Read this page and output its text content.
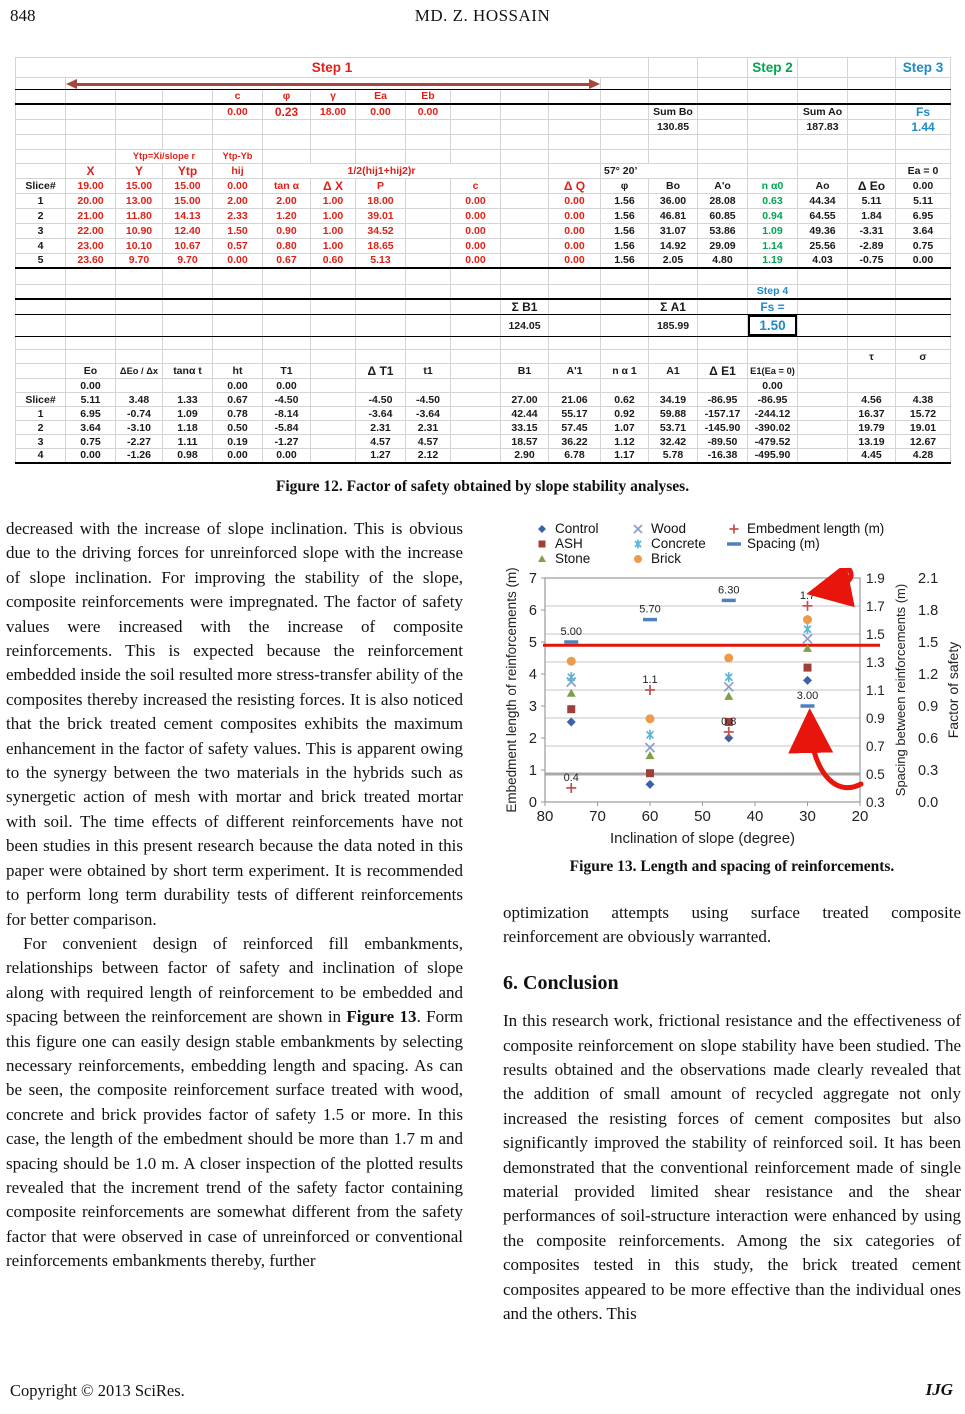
848	MD. Z. HOSSAIN
Step 1															Step 2			Step 3

				c	φ	γ	Ea	Eb										
				0.00	0.23	18.00	0.00	0.00					Sum Bo			Sum Ao		Fs
													130.85			187.83		1.44

		Ytp=Xi/slope r		Ytp-Yb														
	X	Y	Ytp	hij	1/2(hij1+hij2)r							57° 20’						Ea = 0
Slice#	19.00	15.00	15.00	0.00	tan α	Δ X	P		c		Δ Q	φ	Bo	A'o	n α0	Ao	Δ Eo	0.00
1	20.00	13.00	15.00	2.00	2.00	1.00	18.00		0.00		0.00	1.56	36.00	28.08	0.63	44.34	5.11	5.11
2	21.00	11.80	14.13	2.33	1.20	1.00	39.01		0.00		0.00	1.56	46.81	60.85	0.94	64.55	1.84	6.95
3	22.00	10.90	12.40	1.50	0.90	1.00	34.52		0.00		0.00	1.56	31.07	53.86	1.09	49.36	-3.31	3.64
4	23.00	10.10	10.67	0.57	0.80	1.00	18.65		0.00		0.00	1.56	14.92	29.09	1.14	25.56	-2.89	0.75
5	23.60	9.70	9.70	0.00	0.67	0.60	5.13		0.00		0.00	1.56	2.05	4.80	1.19	4.03	-0.75	0.00

															Step 4			
										Σ B1			Σ A1		Fs =			
										124.05			185.99		1.50			

																	τ	σ
	Eo	ΔEo / Δx	tanα t	ht	T1		Δ T1	t1		B1	A'1	n α 1	A1	Δ E1	E1(Ea = 0)			
	0.00			0.00	0.00										0.00			
Slice#	5.11	3.48	1.33	0.67	-4.50		-4.50	-4.50		27.00	21.06	0.62	34.19	-86.95	-86.95		4.56	4.38
1	6.95	-0.74	1.09	0.78	-8.14		-3.64	-3.64		42.44	55.17	0.92	59.88	-157.17	-244.12		16.37	15.72
2	3.64	-3.10	1.18	0.50	-5.84		2.31	2.31		33.15	57.45	1.07	53.71	-145.90	-390.02		19.79	19.01
3	0.75	-2.27	1.11	0.19	-1.27		4.57	4.57		18.57	36.22	1.12	32.42	-89.50	-479.52		13.19	12.67
4	0.00	-1.26	0.98	0.00	0.00		1.27	2.12		2.90	6.78	1.17	5.78	-16.38	-495.90		4.45	4.28
Figure 12. Factor of safety obtained by slope stability analyses.

decreased with the increase of slope inclination. This is obvious due to the driving forces for unreinforced slope with the increase of slope inclination. For improving the stability of the slope, composite reinforcements were impregnated. The factor of safety values were increased with the increase of composite reinforcements. This is expected because the reinforcement embedded inside the soil resulted more stress-transfer ability of the composites thereby increased the resisting forces. It is also noticed that the brick treated cement composites exhibits the maximum enhancement in the factor of safety values. This is apparent owing to the synergy between the two materials in the hybrids such as synergetic action of mesh with mortar and brick treated mortar with soil. The time effects of different reinforcements have not been studies in this present research because the data noted in this paper were obtained by short term experiment. It is recommended to perform long term durability tests of different reinforcements for better comparison.

For convenient design of reinforced fill embankments, relationships between factor of safety and inclination of slope along with required length of reinforcement to be embedded and spacing between the reinforcement are shown in Figure 13. Form this figure one can easily design stable embankments by selecting necessary reinforcements, embedding length and spacing. As can be seen, the composite reinforcement surface treated with wood, concrete and brick provides factor of safety 1.5 or more. In this case, the length of the embedment should be more than 1.7 m and spacing should be 1.0 m. A closer inspection of the plotted results revealed that the increment trend of the safety factor containing composite reinforcements are somewhat different from the safety factor that were observed in case of unreinforced or conventional reinforcements embankments thereby, further

Control
ASH
Stone
Wood
Concrete
Brick
Embedment length (m)
Spacing (m)
0
1
2
3
4
5
6
7
80 70 60 50 40 30 20
1.9
1.7
1.5
1.3
1.1
0.9
0.7
0.5
0.3
2.1
1.8
1.5
1.2
0.9
0.6
0.3
0.0
Embedment length of reinforcements (m)
Inclination of slope (degree)
Spacing between reinforcements (m)	Factor of safety
0.4
1.1
0.8
1.7
5.00
5.70
6.30
3.00
Figure 13. Length and spacing of reinforcements.

optimization attempts using surface treated composite reinforcement are obviously warranted.

6. Conclusion

In this research work, frictional resistance and the effectiveness of composite reinforcement on slope stability have been studied. The results obtained and the observations made clearly revealed that the addition of small amount of recycled aggregate not only increased the resisting forces of cement composites but also significantly improved the stability of reinforced soil. It has been demonstrated that the conventional reinforcement made of single material provided limited shear resistance and the shear performances of soil-structure interaction were enhanced by using the composite reinforcements. Among the six categories of composites tested in this study, the brick treated cement composites appeared to be more effective than the individual ones and the others. This

Copyright © 2013 SciRes.	IJG
